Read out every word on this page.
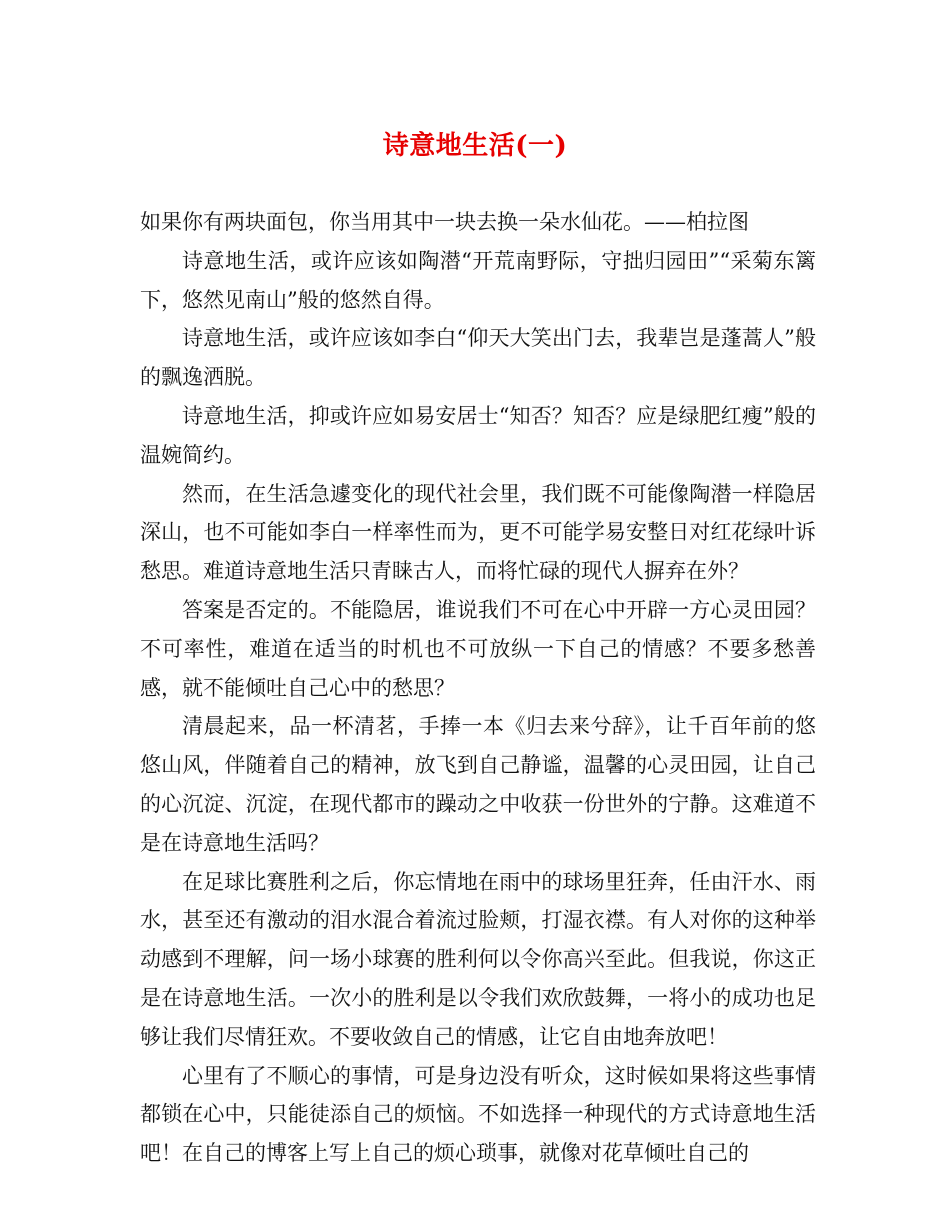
诗意地生活(一)

如果你有两块面包，你当用其中一块去换一朵水仙花。——柏拉图

诗意地生活，或许应该如陶潜“开荒南野际，守拙归园田”“采菊东篱下，悠然见南山”般的悠然自得。

诗意地生活，或许应该如李白“仰天大笑出门去，我辈岂是蓬蒿人”般的飘逸洒脱。

诗意地生活，抑或许应如易安居士“知否？知否？应是绿肥红瘦”般的温婉简约。

然而，在生活急遽变化的现代社会里，我们既不可能像陶潜一样隐居深山，也不可能如李白一样率性而为，更不可能学易安整日对红花绿叶诉愁思。难道诗意地生活只青睐古人，而将忙碌的现代人摒弃在外？

答案是否定的。不能隐居，谁说我们不可在心中开辟一方心灵田园？不可率性，难道在适当的时机也不可放纵一下自己的情感？不要多愁善感，就不能倾吐自己心中的愁思？

清晨起来，品一杯清茗，手捧一本《归去来兮辞》，让千百年前的悠悠山风，伴随着自己的精神，放飞到自己静谧，温馨的心灵田园，让自己的心沉淀、沉淀，在现代都市的躁动之中收获一份世外的宁静。这难道不是在诗意地生活吗？

在足球比赛胜利之后，你忘情地在雨中的球场里狂奔，任由汗水、雨水，甚至还有激动的泪水混合着流过脸颊，打湿衣襟。有人对你的这种举动感到不理解，问一场小球赛的胜利何以令你高兴至此。但我说，你这正是在诗意地生活。一次小的胜利是以令我们欢欣鼓舞，一将小的成功也足够让我们尽情狂欢。不要收敛自己的情感，让它自由地奔放吧！

心里有了不顺心的事情，可是身边没有听众，这时候如果将这些事情都锁在心中，只能徒添自己的烦恼。不如选择一种现代的方式诗意地生活吧！在自己的博客上写上自己的烦心琐事，就像对花草倾吐自己的
